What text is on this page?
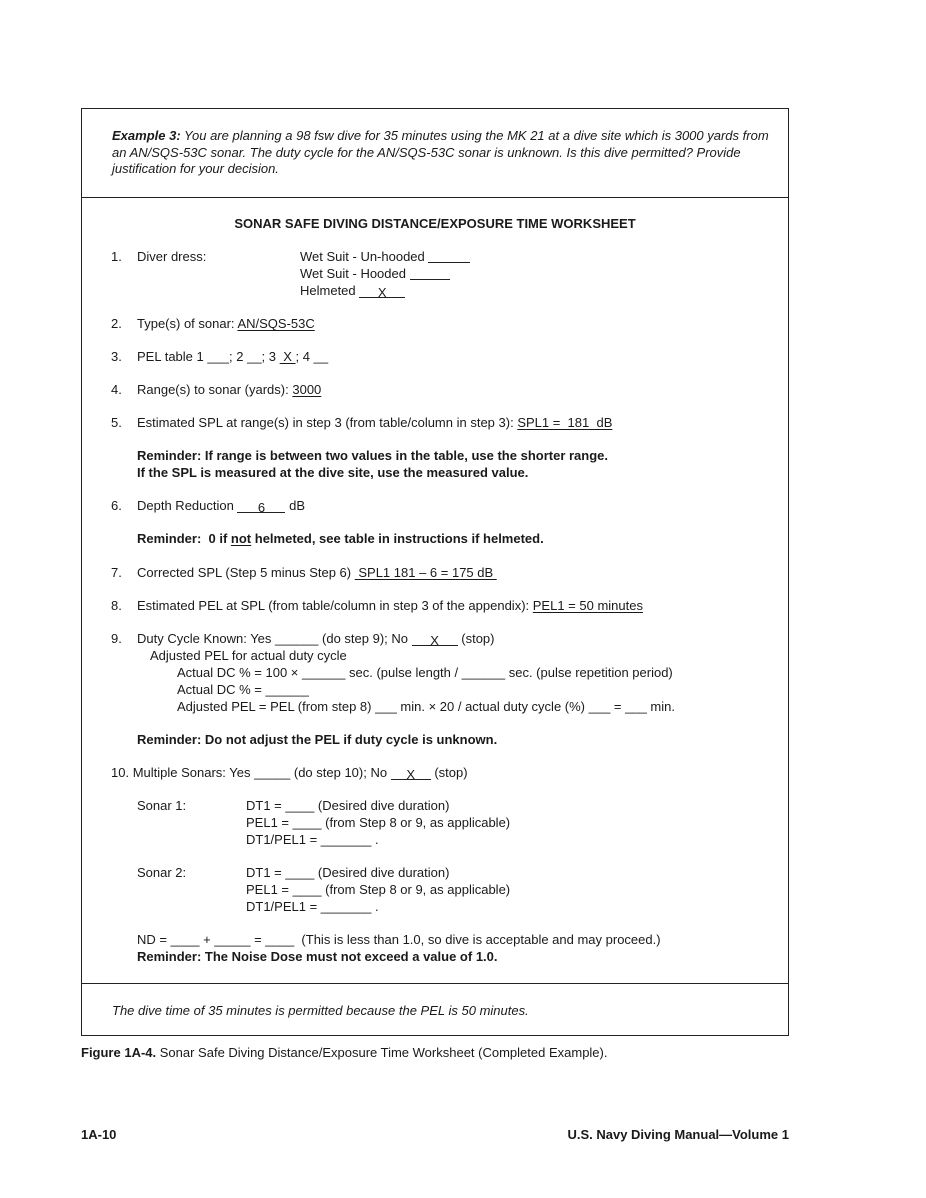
Example 3: You are planning a 98 fsw dive for 35 minutes using the MK 21 at a dive site which is 3000 yards from an AN/SQS-53C sonar. The duty cycle for the AN/SQS-53C sonar is unknown. Is this dive permitted? Provide justification for your decision.
SONAR SAFE DIVING DISTANCE/EXPOSURE TIME WORKSHEET
1.	Diver dress:	Wet Suit - Un-hooded
Wet Suit - Hooded
Helmeted X
2.	Type(s) of sonar: AN/SQS-53C
3.	PEL table 1 ___; 2 __; 3  X ; 4 __
4.	Range(s) to sonar (yards): 3000
5.	Estimated SPL at range(s) in step 3 (from table/column in step 3): SPL1 =  181  dB
Reminder: If range is between two values in the table, use the shorter range.
If the SPL is measured at the dive site, use the measured value.
6.	Depth Reduction 6 dB
Reminder:  0 if not helmeted, see table in instructions if helmeted.
7.	Corrected SPL (Step 5 minus Step 6)  SPL1 181 – 6 = 175 dB
8.	Estimated PEL at SPL (from table/column in step 3 of the appendix): PEL1 = 50 minutes
9.	Duty Cycle Known: Yes ______ (do step 9); No X (stop)
Adjusted PEL for actual duty cycle
Actual DC % = 100 × ______ sec. (pulse length / ______ sec. (pulse repetition period)
Actual DC % = ______
Adjusted PEL = PEL (from step 8) ___ min. × 20 / actual duty cycle (%) ___ = ___ min.
Reminder: Do not adjust the PEL if duty cycle is unknown.
10. Multiple Sonars: Yes _____ (do step 10); No X (stop)
Sonar 1:	DT1 = ____ (Desired dive duration)
PEL1 = ____ (from Step 8 or 9, as applicable)
DT1/PEL1 = _______ .
Sonar 2:	DT1 = ____ (Desired dive duration)
PEL1 = ____ (from Step 8 or 9, as applicable)
DT1/PEL1 = _______ .
ND = ____ + _____ = ____  (This is less than 1.0, so dive is acceptable and may proceed.)
Reminder: The Noise Dose must not exceed a value of 1.0.
The dive time of 35 minutes is permitted because the PEL is 50 minutes.
Figure 1A-4. Sonar Safe Diving Distance/Exposure Time Worksheet (Completed Example).
1A-10	U.S. Navy Diving Manual—Volume 1
